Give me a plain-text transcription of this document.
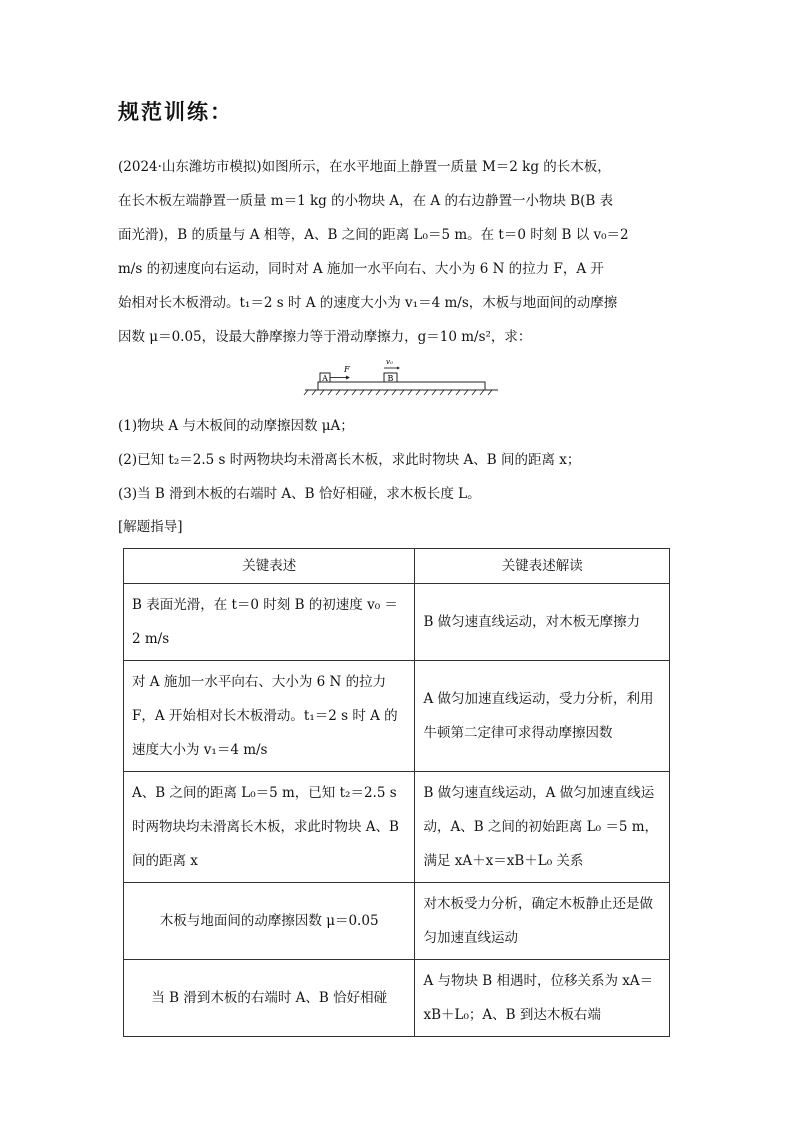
规范训练：
(2024·山东潍坊市模拟)如图所示，在水平地面上静置一质量 M＝2 kg 的长木板，
在长木板左端静置一质量 m＝1 kg 的小物块 A，在 A 的右边静置一小物块 B(B 表
面光滑)，B 的质量与 A 相等，A、B 之间的距离 L₀＝5 m。在 t＝0 时刻 B 以 v₀＝2
m/s 的初速度向右运动，同时对 A 施加一水平向右、大小为 6 N 的拉力 F，A 开
始相对长木板滑动。t₁＝2 s 时 A 的速度大小为 v₁＝4 m/s，木板与地面间的动摩擦
因数 μ＝0.05，设最大静摩擦力等于滑动摩擦力，g＝10 m/s²，求：
A
F
B
v₀
(1)物块 A 与木板间的动摩擦因数 μA；
(2)已知 t₂＝2.5 s 时两物块均未滑离长木板，求此时物块 A、B 间的距离 x；
(3)当 B 滑到木板的右端时 A、B 恰好相碰，求木板长度 L。
[解题指导]
关键表述	关键表述解读
B 表面光滑，在 t＝0 时刻 B 的初速度 v₀ ＝2 m/s	B 做匀速直线运动，对木板无摩擦力
对 A 施加一水平向右、大小为 6 N 的拉力 F，A 开始相对长木板滑动。t₁＝2 s 时 A 的速度大小为 v₁＝4 m/s	A 做匀加速直线运动，受力分析，利用牛顿第二定律可求得动摩擦因数
A、B 之间的距离 L₀＝5 m，已知 t₂＝2.5 s 时两物块均未滑离长木板，求此时物块 A、B 间的距离 x	B 做匀速直线运动，A 做匀加速直线运动，A、B 之间的初始距离 L₀ ＝5 m，满足 xA＋x＝xB＋L₀ 关系
木板与地面间的动摩擦因数 μ＝0.05	对木板受力分析，确定木板静止还是做匀加速直线运动
当 B 滑到木板的右端时 A、B 恰好相碰	A 与物块 B 相遇时，位移关系为 xA＝xB＋L₀；A、B 到达木板右端
